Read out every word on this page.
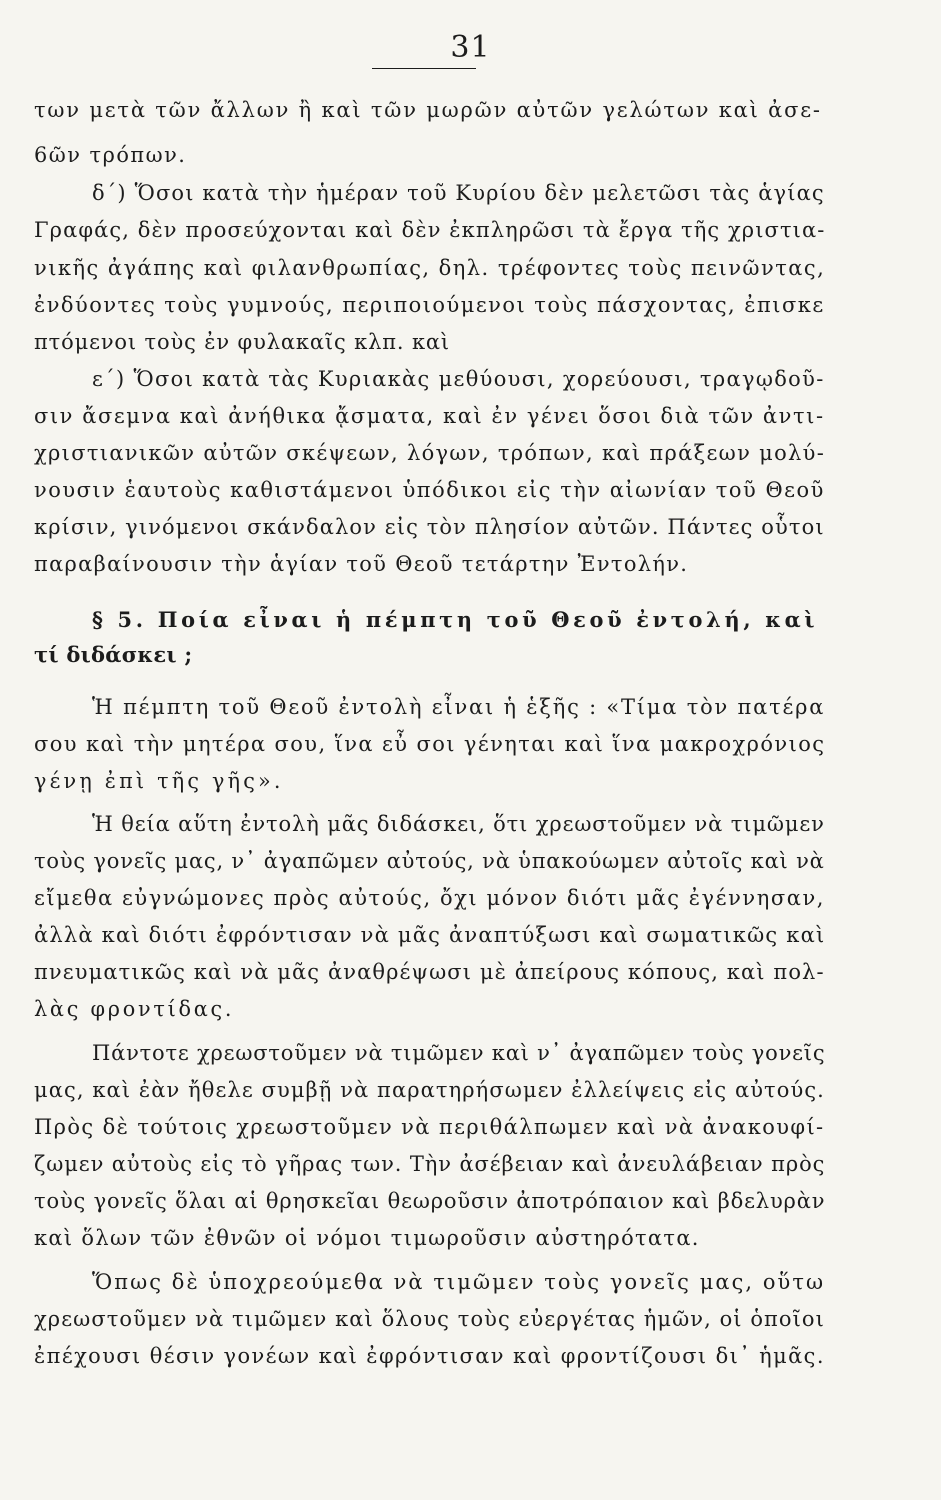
31
των μετὰ τῶν ἄλλων ἢ καὶ τῶν μωρῶν αὐτῶν γελώτων καὶ ἀσε-
6ῶν τρόπων.
δ΄) Ὅσοι κατὰ τὴν ἡμέραν τοῦ Κυρίου δὲν μελετῶσι τὰς ἁγίας
Γραφάς, δὲν προσεύχονται καὶ δὲν ἐκπληρῶσι τὰ ἔργα τῆς χριστια-
νικῆς ἀγάπης καὶ φιλανθρωπίας, δηλ. τρέφοντες τοὺς πεινῶντας,
ἐνδύοντες τοὺς γυμνούς, περιποιούμενοι τοὺς πάσχοντας, ἐπισκε
πτόμενοι τοὺς ἐν φυλακαῖς κλπ. καὶ
ε΄) Ὅσοι κατὰ τὰς Κυριακὰς μεθύουσι, χορεύουσι, τραγῳδοῦ-
σιν ἄσεμνα καὶ ἀνήθικα ᾄσματα, καὶ ἐν γένει ὅσοι διὰ τῶν ἀντι-
χριστιανικῶν αὐτῶν σκέψεων, λόγων, τρόπων, καὶ πράξεων μολύ-
νουσιν ἑαυτοὺς καθιστάμενοι ὑπόδικοι εἰς τὴν αἰωνίαν τοῦ Θεοῦ
κρίσιν, γινόμενοι σκάνδαλον εἰς τὸν πλησίον αὐτῶν. Πάντες οὗτοι
παραβαίνουσιν τὴν ἁγίαν τοῦ Θεοῦ τετάρτην Ἐντολήν.
§ 5. Ποία εἶναι ἡ πέμπτη τοῦ Θεοῦ ἐντολή, καὶ
τί διδάσκει ;
Ἡ πέμπτη τοῦ Θεοῦ ἐντολὴ εἶναι ἡ ἑξῆς : «Τίμα τὸν πατέρα
σου καὶ τὴν μητέρα σου, ἵνα εὖ σοι γένηται καὶ ἵνα μακροχρόνιος
γένῃ ἐπὶ τῆς γῆς».
Ἡ θεία αὕτη ἐντολὴ μᾶς διδάσκει, ὅτι χρεωστοῦμεν νὰ τιμῶμεν
τοὺς γονεῖς μας, ν᾽ ἀγαπῶμεν αὐτούς, νὰ ὑπακούωμεν αὐτοῖς καὶ νὰ
εἴμεθα εὐγνώμονες πρὸς αὐτούς, ὄχι μόνον διότι μᾶς ἐγέννησαν,
ἀλλὰ καὶ διότι ἐφρόντισαν νὰ μᾶς ἀναπτύξωσι καὶ σωματικῶς καὶ
πνευματικῶς καὶ νὰ μᾶς ἀναθρέψωσι μὲ ἀπείρους κόπους, καὶ πολ-
λὰς φροντίδας.
Πάντοτε χρεωστοῦμεν νὰ τιμῶμεν καὶ ν᾽ ἀγαπῶμεν τοὺς γονεῖς
μας, καὶ ἐὰν ἤθελε συμβῇ νὰ παρατηρήσωμεν ἐλλείψεις εἰς αὐτούς.
Πρὸς δὲ τούτοις χρεωστοῦμεν νὰ περιθάλπωμεν καὶ νὰ ἀνακουφί-
ζωμεν αὐτοὺς εἰς τὸ γῆρας των. Τὴν ἀσέβειαν καὶ ἀνευλάβειαν πρὸς
τοὺς γονεῖς ὅλαι αἱ θρησκεῖαι θεωροῦσιν ἀποτρόπαιον καὶ βδελυρὰν
καὶ ὅλων τῶν ἐθνῶν οἱ νόμοι τιμωροῦσιν αὐστηρότατα.
Ὅπως δὲ ὑποχρεούμεθα νὰ τιμῶμεν τοὺς γονεῖς μας, οὕτω
χρεωστοῦμεν νὰ τιμῶμεν καὶ ὅλους τοὺς εὐεργέτας ἡμῶν, οἱ ὁποῖοι
ἐπέχουσι θέσιν γονέων καὶ ἐφρόντισαν καὶ φροντίζουσι δι᾽ ἡμᾶς.
